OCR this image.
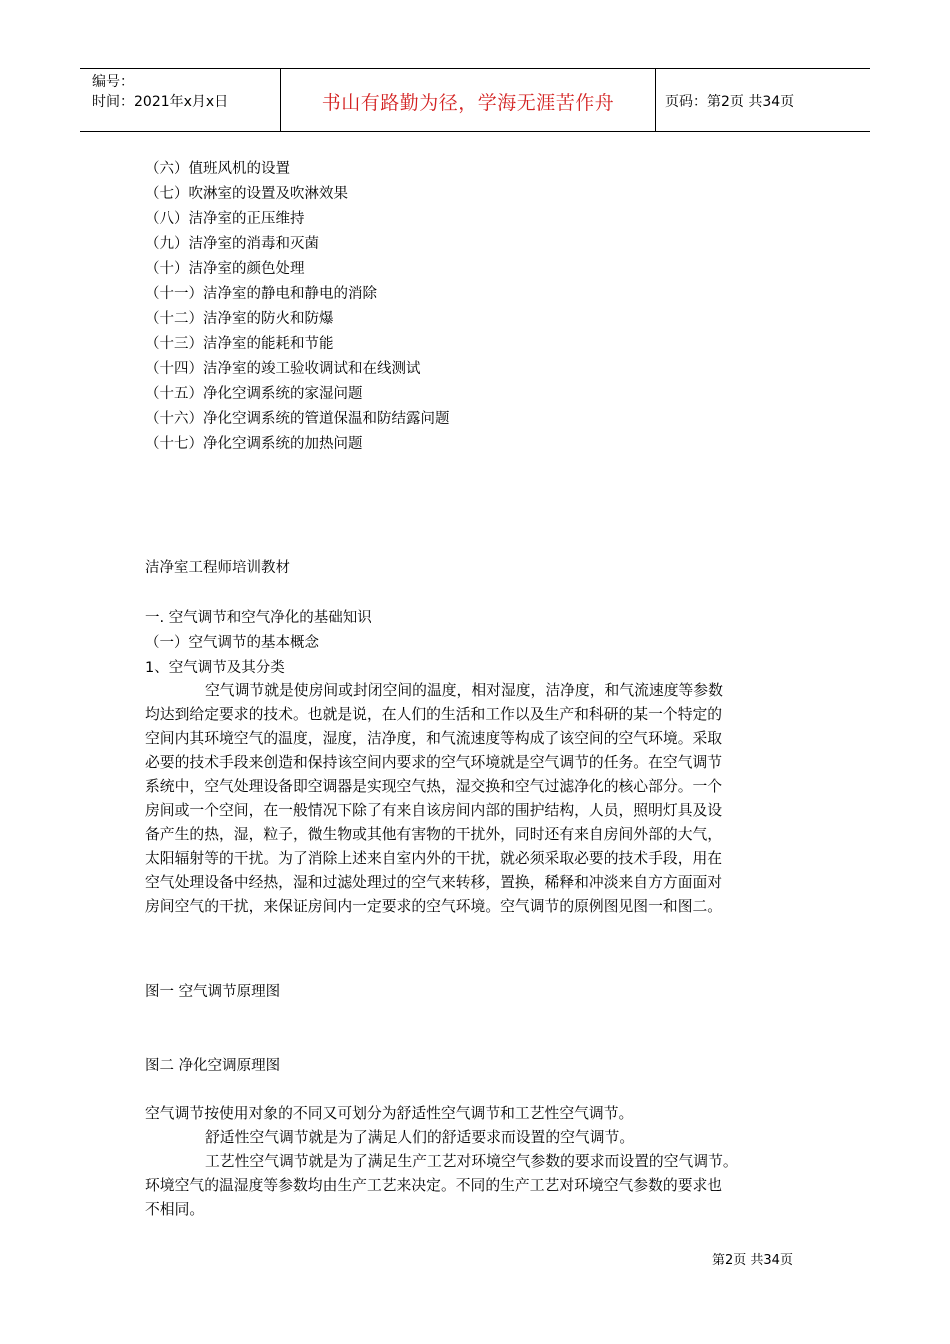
编号：
时间：2021年x月x日	书山有路勤为径，学海无涯苦作舟	页码：第2页 共34页
（六）值班风机的设置
（七）吹淋室的设置及吹淋效果
（八）洁净室的正压维持
（九）洁净室的消毒和灭菌
（十）洁净室的颜色处理
（十一）洁净室的静电和静电的消除
（十二）洁净室的防火和防爆
（十三）洁净室的能耗和节能
（十四）洁净室的竣工验收调试和在线测试
（十五）净化空调系统的家湿问题
（十六）净化空调系统的管道保温和防结露问题
（十七）净化空调系统的加热问题
洁净室工程师培训教材
一. 空气调节和空气净化的基础知识
（一）空气调节的基本概念
1、空气调节及其分类
空气调节就是使房间或封闭空间的温度，相对湿度，洁净度，和气流速度等参数
均达到给定要求的技术。也就是说，在人们的生活和工作以及生产和科研的某一个特定的
空间内其环境空气的温度，湿度，洁净度，和气流速度等构成了该空间的空气环境。采取
必要的技术手段来创造和保持该空间内要求的空气环境就是空气调节的任务。在空气调节
系统中，空气处理设备即空调器是实现空气热，湿交换和空气过滤净化的核心部分。一个
房间或一个空间，在一般情况下除了有来自该房间内部的围护结构，人员，照明灯具及设
备产生的热，湿，粒子，微生物或其他有害物的干扰外，同时还有来自房间外部的大气，
太阳辐射等的干扰。为了消除上述来自室内外的干扰，就必须采取必要的技术手段，用在
空气处理设备中经热，湿和过滤处理过的空气来转移，置换，稀释和冲淡来自方方面面对
房间空气的干扰，来保证房间内一定要求的空气环境。空气调节的原例图见图一和图二。
图一 空气调节原理图
图二 净化空调原理图
空气调节按使用对象的不同又可划分为舒适性空气调节和工艺性空气调节。
舒适性空气调节就是为了满足人们的舒适要求而设置的空气调节。
工艺性空气调节就是为了满足生产工艺对环境空气参数的要求而设置的空气调节。
环境空气的温湿度等参数均由生产工艺来决定。不同的生产工艺对环境空气参数的要求也
不相同。
第2页 共34页
